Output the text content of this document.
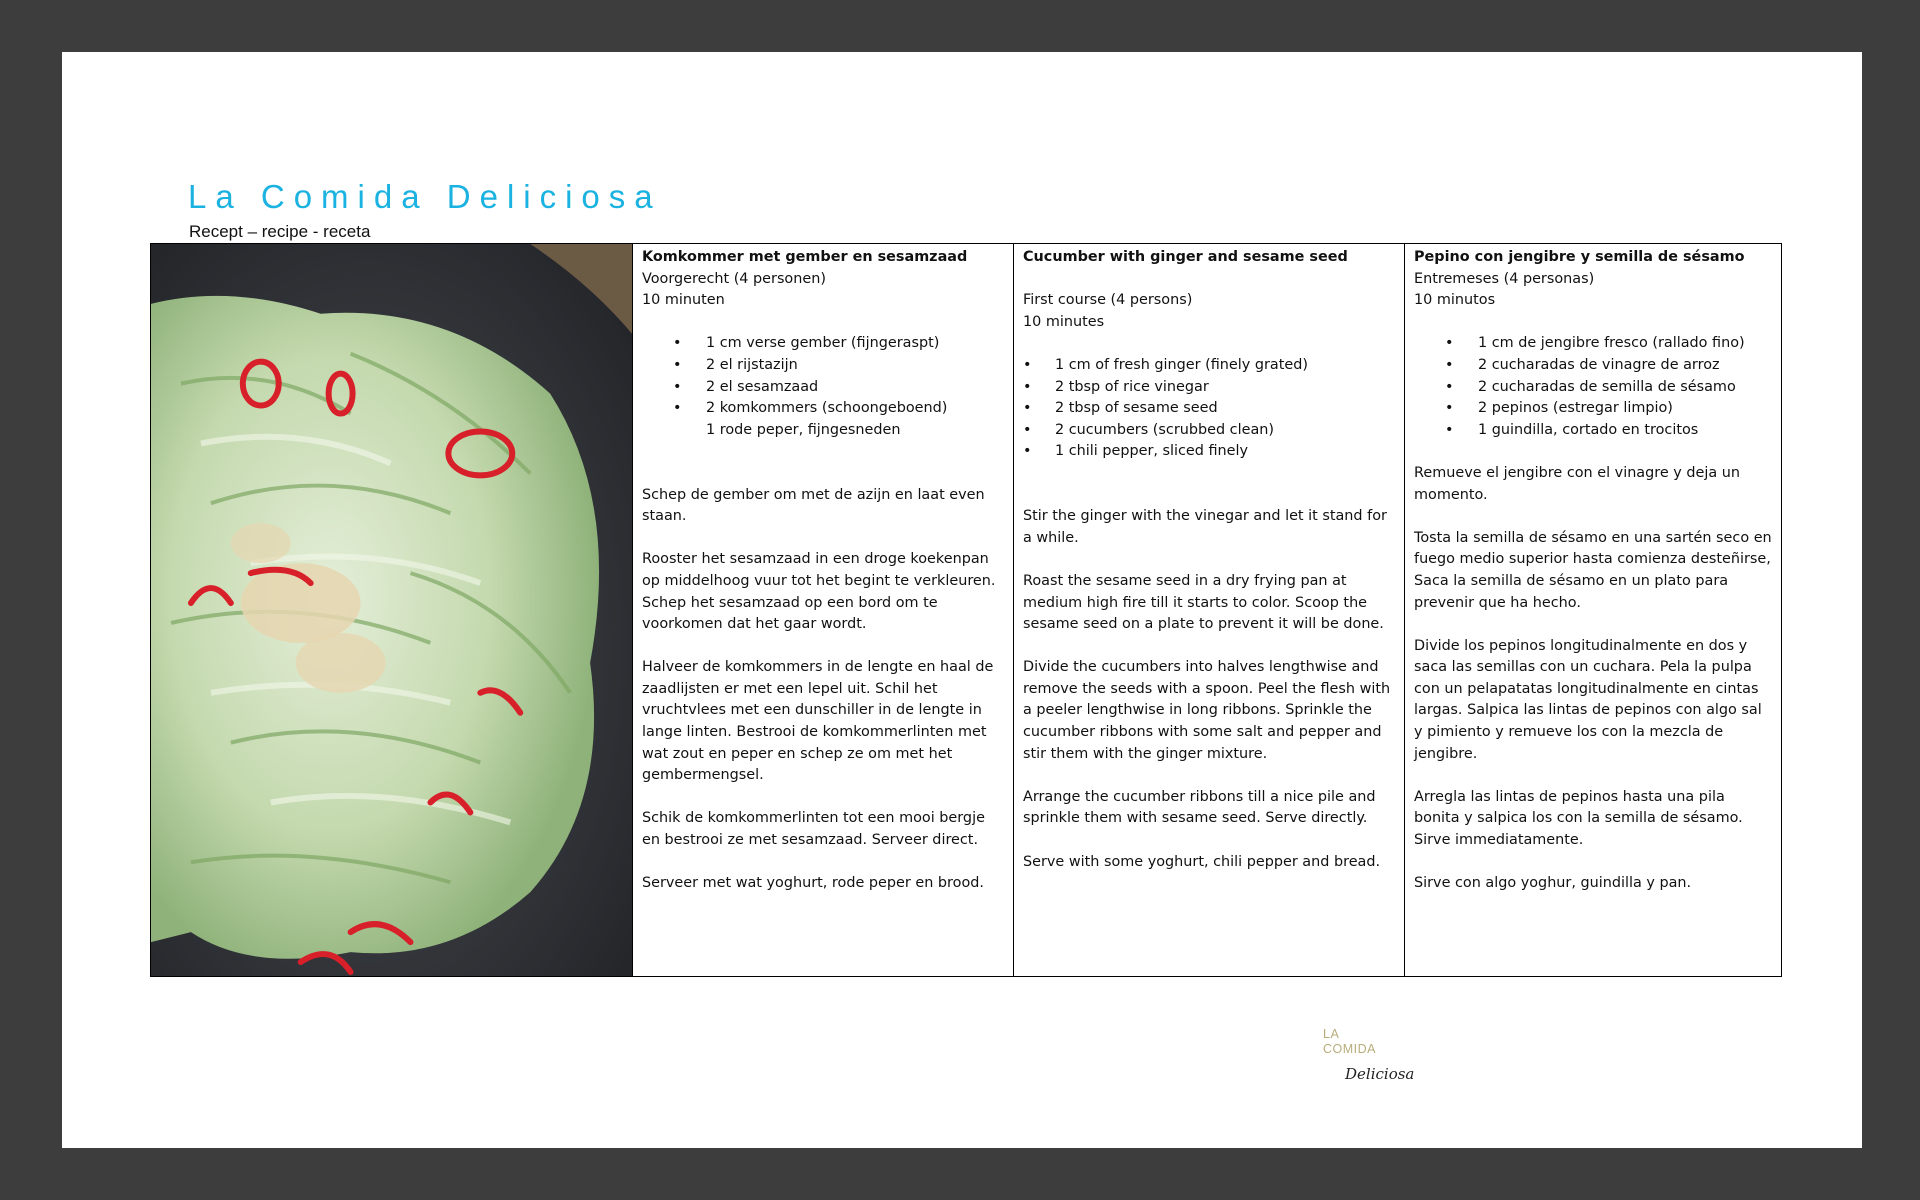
La Comida Deliciosa
Recept – recipe - receta
Komkommer met gember en sesamzaad
Voorgerecht (4 personen)
10 minuten
• 1 cm verse gember (fijngeraspt)
• 2 el rijstazijn
• 2 el sesamzaad
• 2 komkommers (schoongeboend)
1 rode peper, fijngesneden

Schep de gember om met de azijn en laat even staan.

Rooster het sesamzaad in een droge koekenpan op middelhoog vuur tot het begint te verkleuren. Schep het sesamzaad op een bord om te voorkomen dat het gaar wordt.

Halveer de komkommers in de lengte en haal de zaadlijsten er met een lepel uit. Schil het vruchtvlees met een dunschiller in de lengte in lange linten. Bestrooi de komkommerlinten met wat zout en peper en schep ze om met het gembermengsel.

Schik de komkommerlinten tot een mooi bergje en bestrooi ze met sesamzaad. Serveer direct.

Serveer met wat yoghurt, rode peper en brood.

Cucumber with ginger and sesame seed
First course (4 persons)
10 minutes
• 1 cm of fresh ginger (finely grated)
• 2 tbsp of rice vinegar
• 2 tbsp of sesame seed
• 2 cucumbers (scrubbed clean)
• 1 chili pepper, sliced finely

Stir the ginger with the vinegar and let it stand for a while.

Roast the sesame seed in a dry frying pan at medium high fire till it starts to color. Scoop the sesame seed on a plate to prevent it will be done.

Divide the cucumbers into halves lengthwise and remove the seeds with a spoon. Peel the flesh with a peeler lengthwise in long ribbons. Sprinkle the cucumber ribbons with some salt and pepper and stir them with the ginger mixture.

Arrange the cucumber ribbons till a nice pile and sprinkle them with sesame seed. Serve directly.

Serve with some yoghurt, chili pepper and bread.

Pepino con jengibre y semilla de sésamo
Entremeses (4 personas)
10 minutos
• 1 cm de jengibre fresco (rallado fino)
• 2 cucharadas de vinagre de arroz
• 2 cucharadas de semilla de sésamo
• 2 pepinos (estregar limpio)
• 1 guindilla, cortado en trocitos

Remueve el jengibre con el vinagre y deja un momento.

Tosta la semilla de sésamo en una sartén seco en fuego medio superior hasta comienza desteñirse, Saca la semilla de sésamo en un plato para prevenir que ha hecho.

Divide los pepinos longitudinalmente en dos y saca las semillas con un cuchara. Pela la pulpa con un pelapatatas longitudinalmente en cintas largas. Salpica las lintas de pepinos con algo sal y pimiento y remueve los con la mezcla de jengibre.

Arregla las lintas de pepinos hasta una pila bonita y salpica los con la semilla de sésamo. Sirve immediatamente.

Sirve con algo yoghur, guindilla y pan.

LA
COMIDA
Deliciosa
